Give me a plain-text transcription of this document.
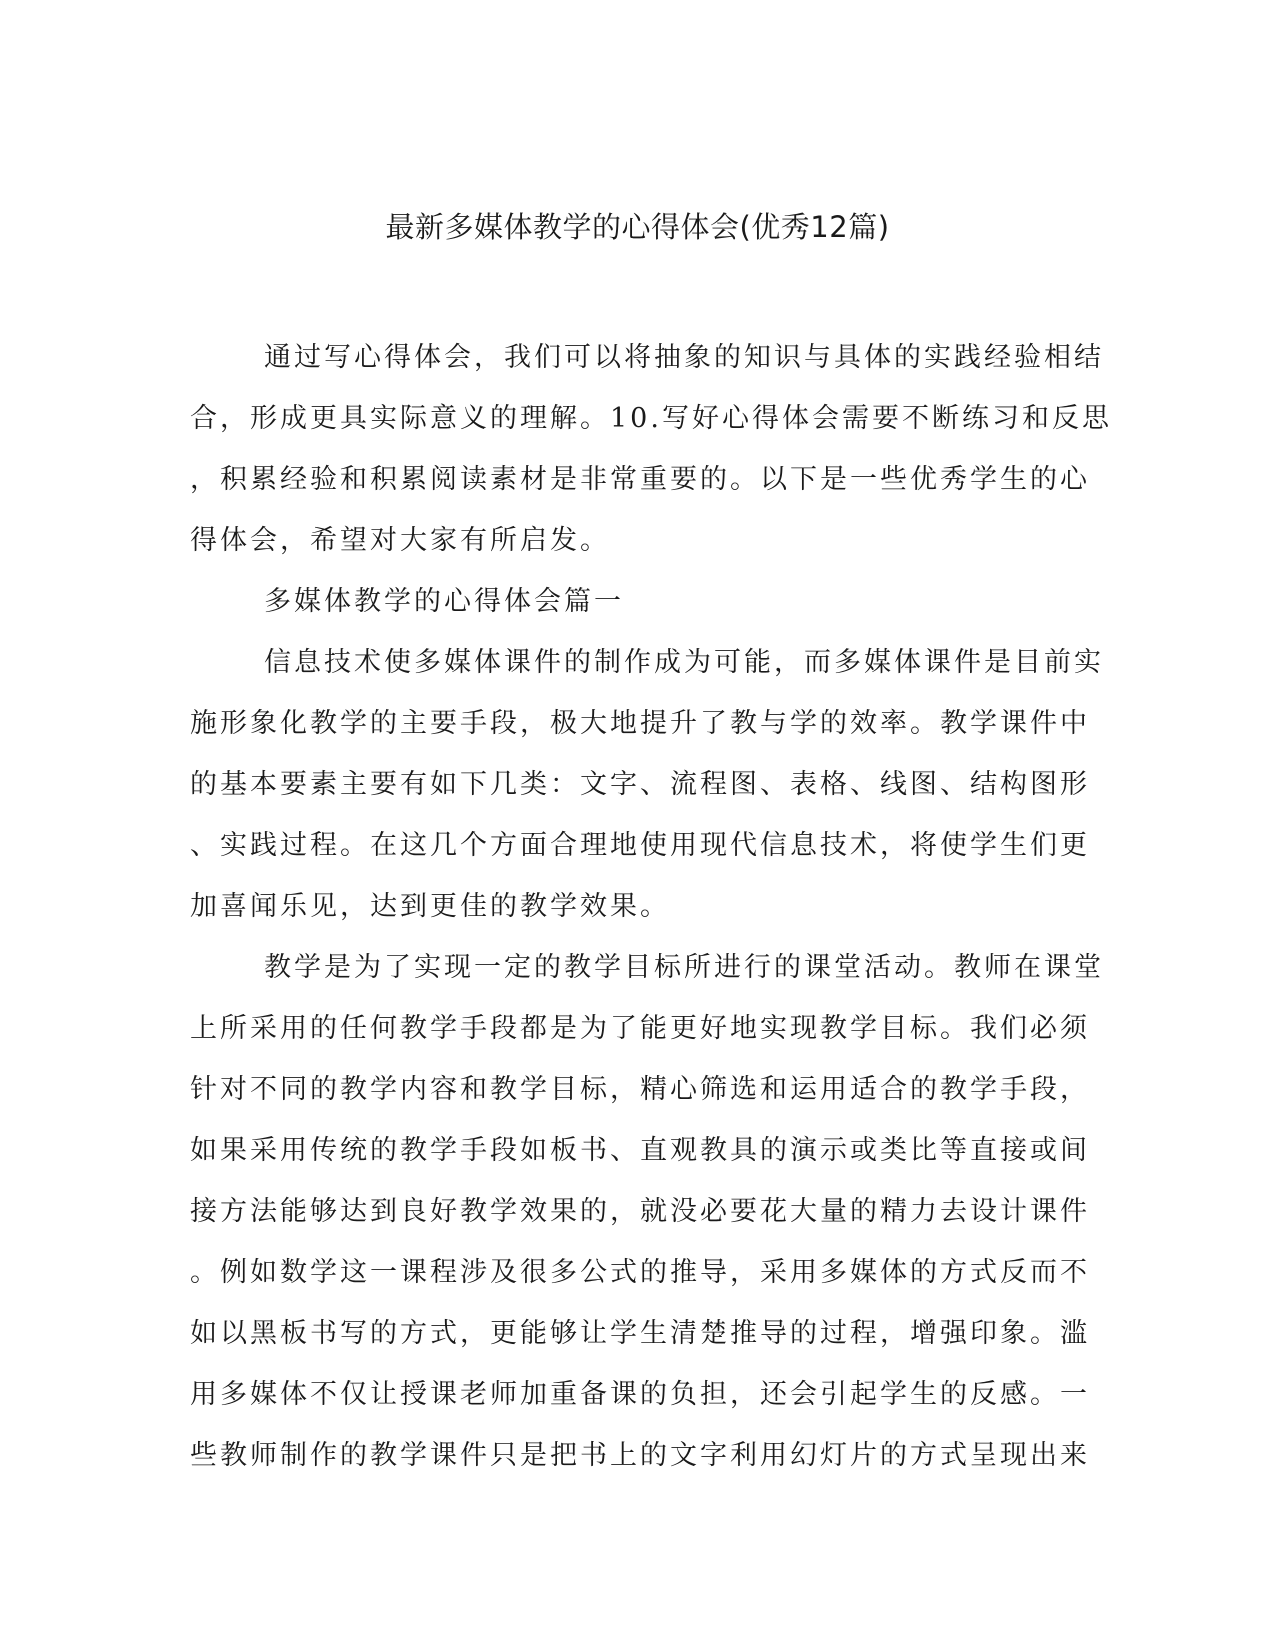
最新多媒体教学的心得体会(优秀12篇)
通过写心得体会，我们可以将抽象的知识与具体的实践经验相结
合，形成更具实际意义的理解。10.写好心得体会需要不断练习和反思
，积累经验和积累阅读素材是非常重要的。以下是一些优秀学生的心
得体会，希望对大家有所启发。
多媒体教学的心得体会篇一
信息技术使多媒体课件的制作成为可能，而多媒体课件是目前实
施形象化教学的主要手段，极大地提升了教与学的效率。教学课件中
的基本要素主要有如下几类：文字、流程图、表格、线图、结构图形
、实践过程。在这几个方面合理地使用现代信息技术，将使学生们更
加喜闻乐见，达到更佳的教学效果。
教学是为了实现一定的教学目标所进行的课堂活动。教师在课堂
上所采用的任何教学手段都是为了能更好地实现教学目标。我们必须
针对不同的教学内容和教学目标，精心筛选和运用适合的教学手段，
如果采用传统的教学手段如板书、直观教具的演示或类比等直接或间
接方法能够达到良好教学效果的，就没必要花大量的精力去设计课件
。例如数学这一课程涉及很多公式的推导，采用多媒体的方式反而不
如以黑板书写的方式，更能够让学生清楚推导的过程，增强印象。滥
用多媒体不仅让授课老师加重备课的负担，还会引起学生的反感。一
些教师制作的教学课件只是把书上的文字利用幻灯片的方式呈现出来
